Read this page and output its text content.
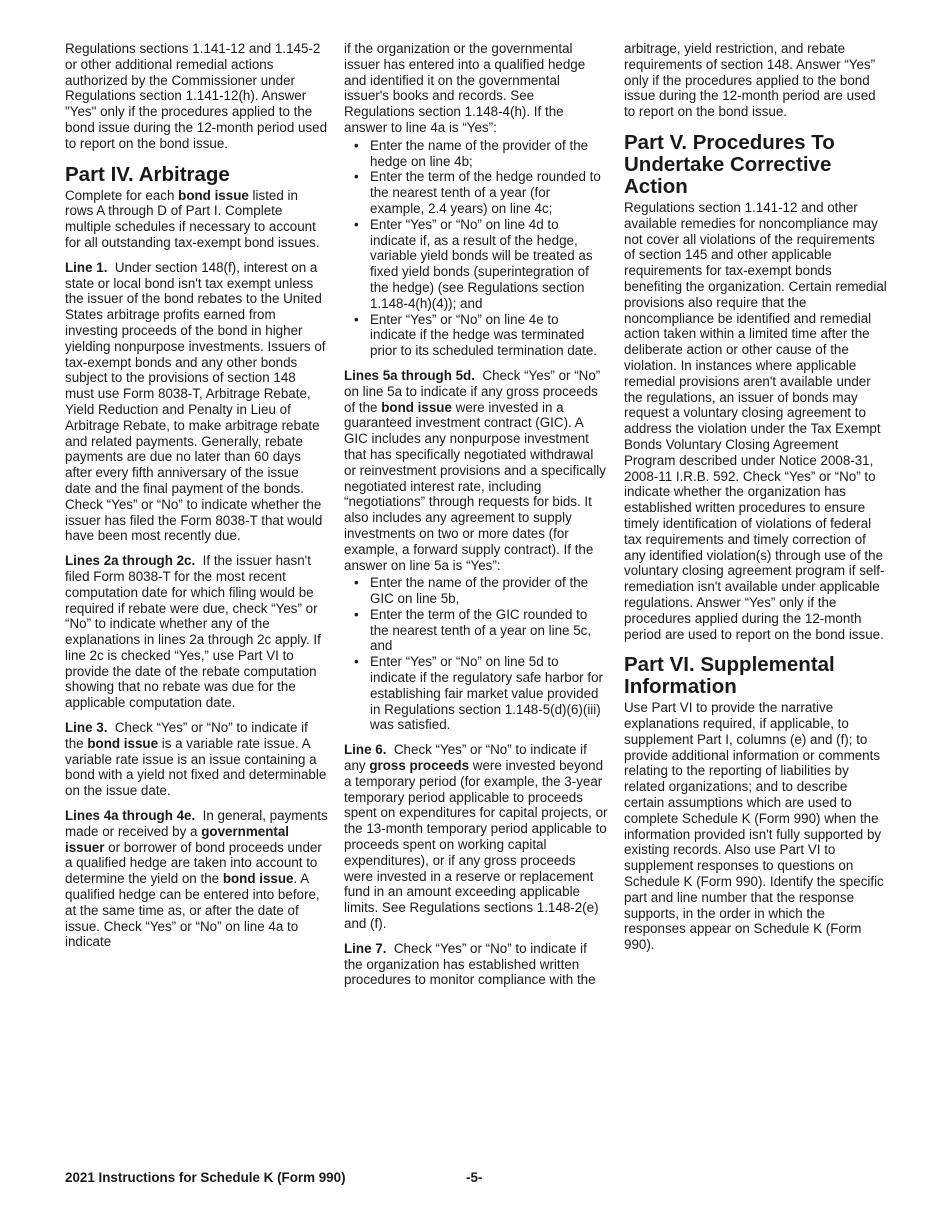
Regulations sections 1.141-12 and 1.145-2 or other additional remedial actions authorized by the Commissioner under Regulations section 1.141-12(h). Answer "Yes" only if the procedures applied to the bond issue during the 12-month period used to report on the bond issue.

Part IV. Arbitrage

Complete for each bond issue listed in rows A through D of Part I. Complete multiple schedules if necessary to account for all outstanding tax-exempt bond issues.

Line 1. Under section 148(f), interest on a state or local bond isn't tax exempt unless the issuer of the bond rebates to the United States arbitrage profits earned from investing proceeds of the bond in higher yielding nonpurpose investments. Issuers of tax-exempt bonds and any other bonds subject to the provisions of section 148 must use Form 8038-T, Arbitrage Rebate, Yield Reduction and Penalty in Lieu of Arbitrage Rebate, to make arbitrage rebate and related payments. Generally, rebate payments are due no later than 60 days after every fifth anniversary of the issue date and the final payment of the bonds. Check “Yes” or “No” to indicate whether the issuer has filed the Form 8038-T that would have been most recently due.

Lines 2a through 2c. If the issuer hasn't filed Form 8038-T for the most recent computation date for which filing would be required if rebate were due, check “Yes” or “No” to indicate whether any of the explanations in lines 2a through 2c apply. If line 2c is checked “Yes,” use Part VI to provide the date of the rebate computation showing that no rebate was due for the applicable computation date.

Line 3. Check “Yes” or “No” to indicate if the bond issue is a variable rate issue. A variable rate issue is an issue containing a bond with a yield not fixed and determinable on the issue date.

Lines 4a through 4e. In general, payments made or received by a governmental issuer or borrower of bond proceeds under a qualified hedge are taken into account to determine the yield on the bond issue. A qualified hedge can be entered into before, at the same time as, or after the date of issue. Check “Yes” or “No” on line 4a to indicate

if the organization or the governmental issuer has entered into a qualified hedge and identified it on the governmental issuer's books and records. See Regulations section 1.148-4(h). If the answer to line 4a is “Yes”:

• Enter the name of the provider of the hedge on line 4b;
• Enter the term of the hedge rounded to the nearest tenth of a year (for example, 2.4 years) on line 4c;
• Enter “Yes” or “No” on line 4d to indicate if, as a result of the hedge, variable yield bonds will be treated as fixed yield bonds (superintegration of the hedge) (see Regulations section 1.148-4(h)(4)); and
• Enter “Yes” or “No” on line 4e to indicate if the hedge was terminated prior to its scheduled termination date.

Lines 5a through 5d. Check “Yes” or “No” on line 5a to indicate if any gross proceeds of the bond issue were invested in a guaranteed investment contract (GIC). A GIC includes any nonpurpose investment that has specifically negotiated withdrawal or reinvestment provisions and a specifically negotiated interest rate, including “negotiations” through requests for bids. It also includes any agreement to supply investments on two or more dates (for example, a forward supply contract). If the answer on line 5a is “Yes”:

• Enter the name of the provider of the GIC on line 5b,
• Enter the term of the GIC rounded to the nearest tenth of a year on line 5c, and
• Enter “Yes” or “No” on line 5d to indicate if the regulatory safe harbor for establishing fair market value provided in Regulations section 1.148-5(d)(6)(iii) was satisfied.

Line 6. Check “Yes” or “No” to indicate if any gross proceeds were invested beyond a temporary period (for example, the 3-year temporary period applicable to proceeds spent on expenditures for capital projects, or the 13-month temporary period applicable to proceeds spent on working capital expenditures), or if any gross proceeds were invested in a reserve or replacement fund in an amount exceeding applicable limits. See Regulations sections 1.148-2(e) and (f).

Line 7. Check “Yes” or “No” to indicate if the organization has established written procedures to monitor compliance with the

arbitrage, yield restriction, and rebate requirements of section 148. Answer “Yes” only if the procedures applied to the bond issue during the 12-month period are used to report on the bond issue.

Part V. Procedures To Undertake Corrective Action

Regulations section 1.141-12 and other available remedies for noncompliance may not cover all violations of the requirements of section 145 and other applicable requirements for tax-exempt bonds benefiting the organization. Certain remedial provisions also require that the noncompliance be identified and remedial action taken within a limited time after the deliberate action or other cause of the violation. In instances where applicable remedial provisions aren't available under the regulations, an issuer of bonds may request a voluntary closing agreement to address the violation under the Tax Exempt Bonds Voluntary Closing Agreement Program described under Notice 2008-31, 2008-11 I.R.B. 592. Check “Yes” or “No” to indicate whether the organization has established written procedures to ensure timely identification of violations of federal tax requirements and timely correction of any identified violation(s) through use of the voluntary closing agreement program if self-remediation isn't available under applicable regulations. Answer “Yes” only if the procedures applied during the 12-month period are used to report on the bond issue.

Part VI. Supplemental Information

Use Part VI to provide the narrative explanations required, if applicable, to supplement Part I, columns (e) and (f); to provide additional information or comments relating to the reporting of liabilities by related organizations; and to describe certain assumptions which are used to complete Schedule K (Form 990) when the information provided isn't fully supported by existing records. Also use Part VI to supplement responses to questions on Schedule K (Form 990). Identify the specific part and line number that the response supports, in the order in which the responses appear on Schedule K (Form 990).

2021 Instructions for Schedule K (Form 990)	-5-
